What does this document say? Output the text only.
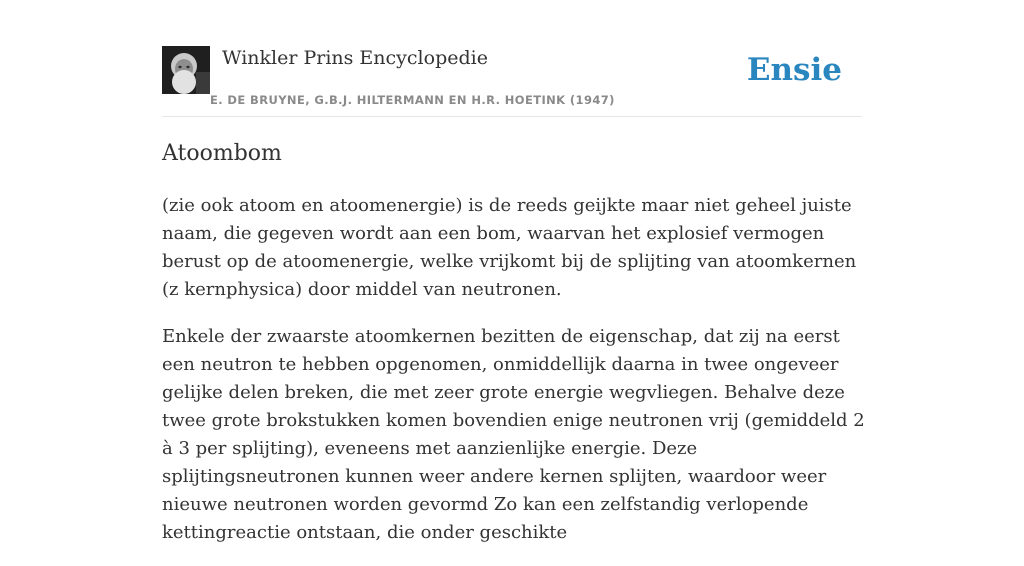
Winkler Prins Encyclopedie
E. DE BRUYNE, G.B.J. HILTERMANN EN H.R. HOETINK (1947)
Ensie
Atoombom

(zie ook atoom en atoomenergie) is de reeds geijkte maar niet geheel juiste naam, die gegeven wordt aan een bom, waarvan het explosief vermogen berust op de atoomenergie, welke vrijkomt bij de splijting van atoomkernen (z kernphysica) door middel van neutronen.

Enkele der zwaarste atoomkernen bezitten de eigenschap, dat zij na eerst een neutron te hebben opgenomen, onmiddellijk daarna in twee ongeveer gelijke delen breken, die met zeer grote energie wegvliegen. Behalve deze twee grote brokstukken komen bovendien enige neutronen vrij (gemiddeld 2 à 3 per splijting), eveneens met aanzienlijke energie. Deze splijtingsneutronen kunnen weer andere kernen splijten, waardoor weer nieuwe neutronen worden gevormd Zo kan een zelfstandig verlopende kettingreactie ontstaan, die onder geschikte
